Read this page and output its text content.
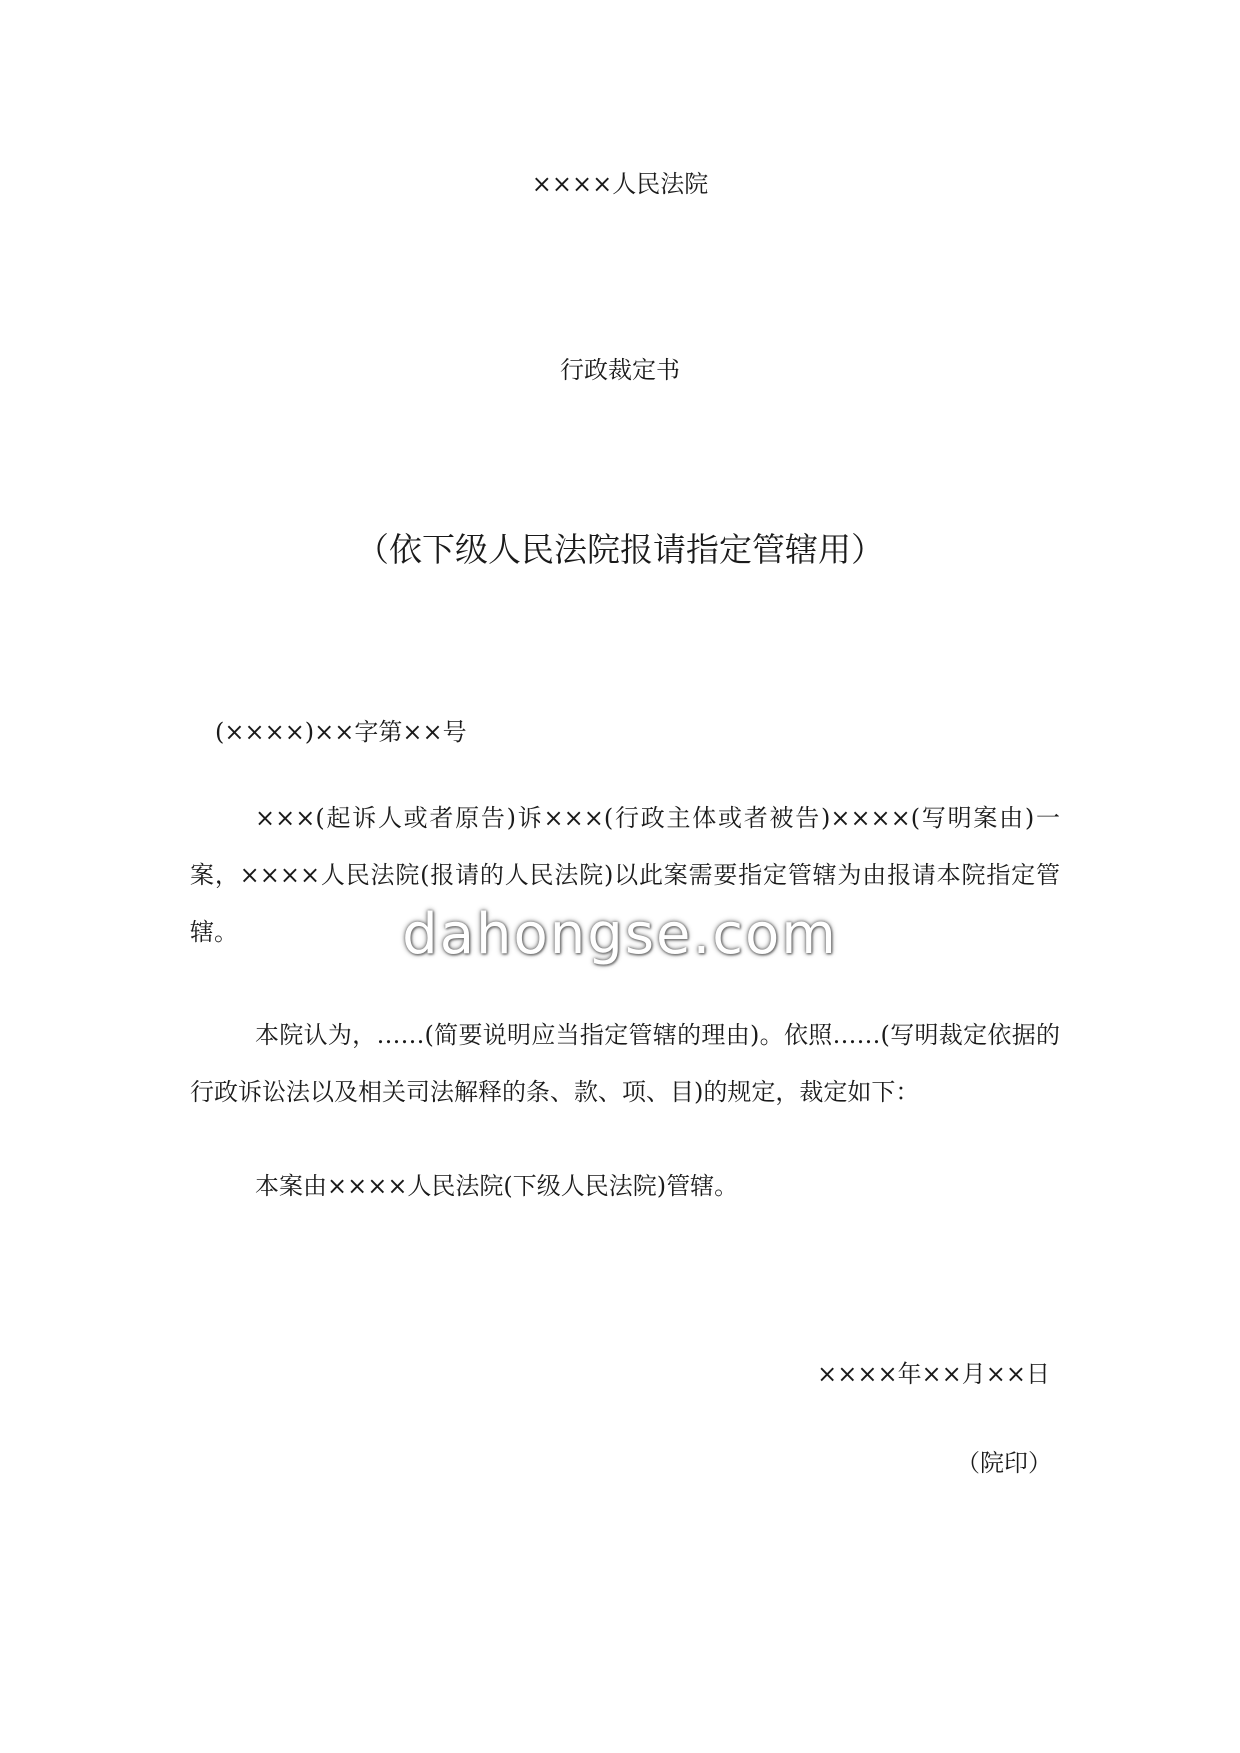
××××人民法院
行政裁定书
（依下级人民法院报请指定管辖用）
(××××)××字第××号
×××(起诉人或者原告)诉×××(行政主体或者被告)××××(写明案由)一案，××××人民法院(报请的人民法院)以此案需要指定管辖为由报请本院指定管辖。
本院认为，……(简要说明应当指定管辖的理由)。依照……(写明裁定依据的行政诉讼法以及相关司法解释的条、款、项、目)的规定，裁定如下：
本案由××××人民法院(下级人民法院)管辖。
××××年××月××日
（院印）
dahongse.com
